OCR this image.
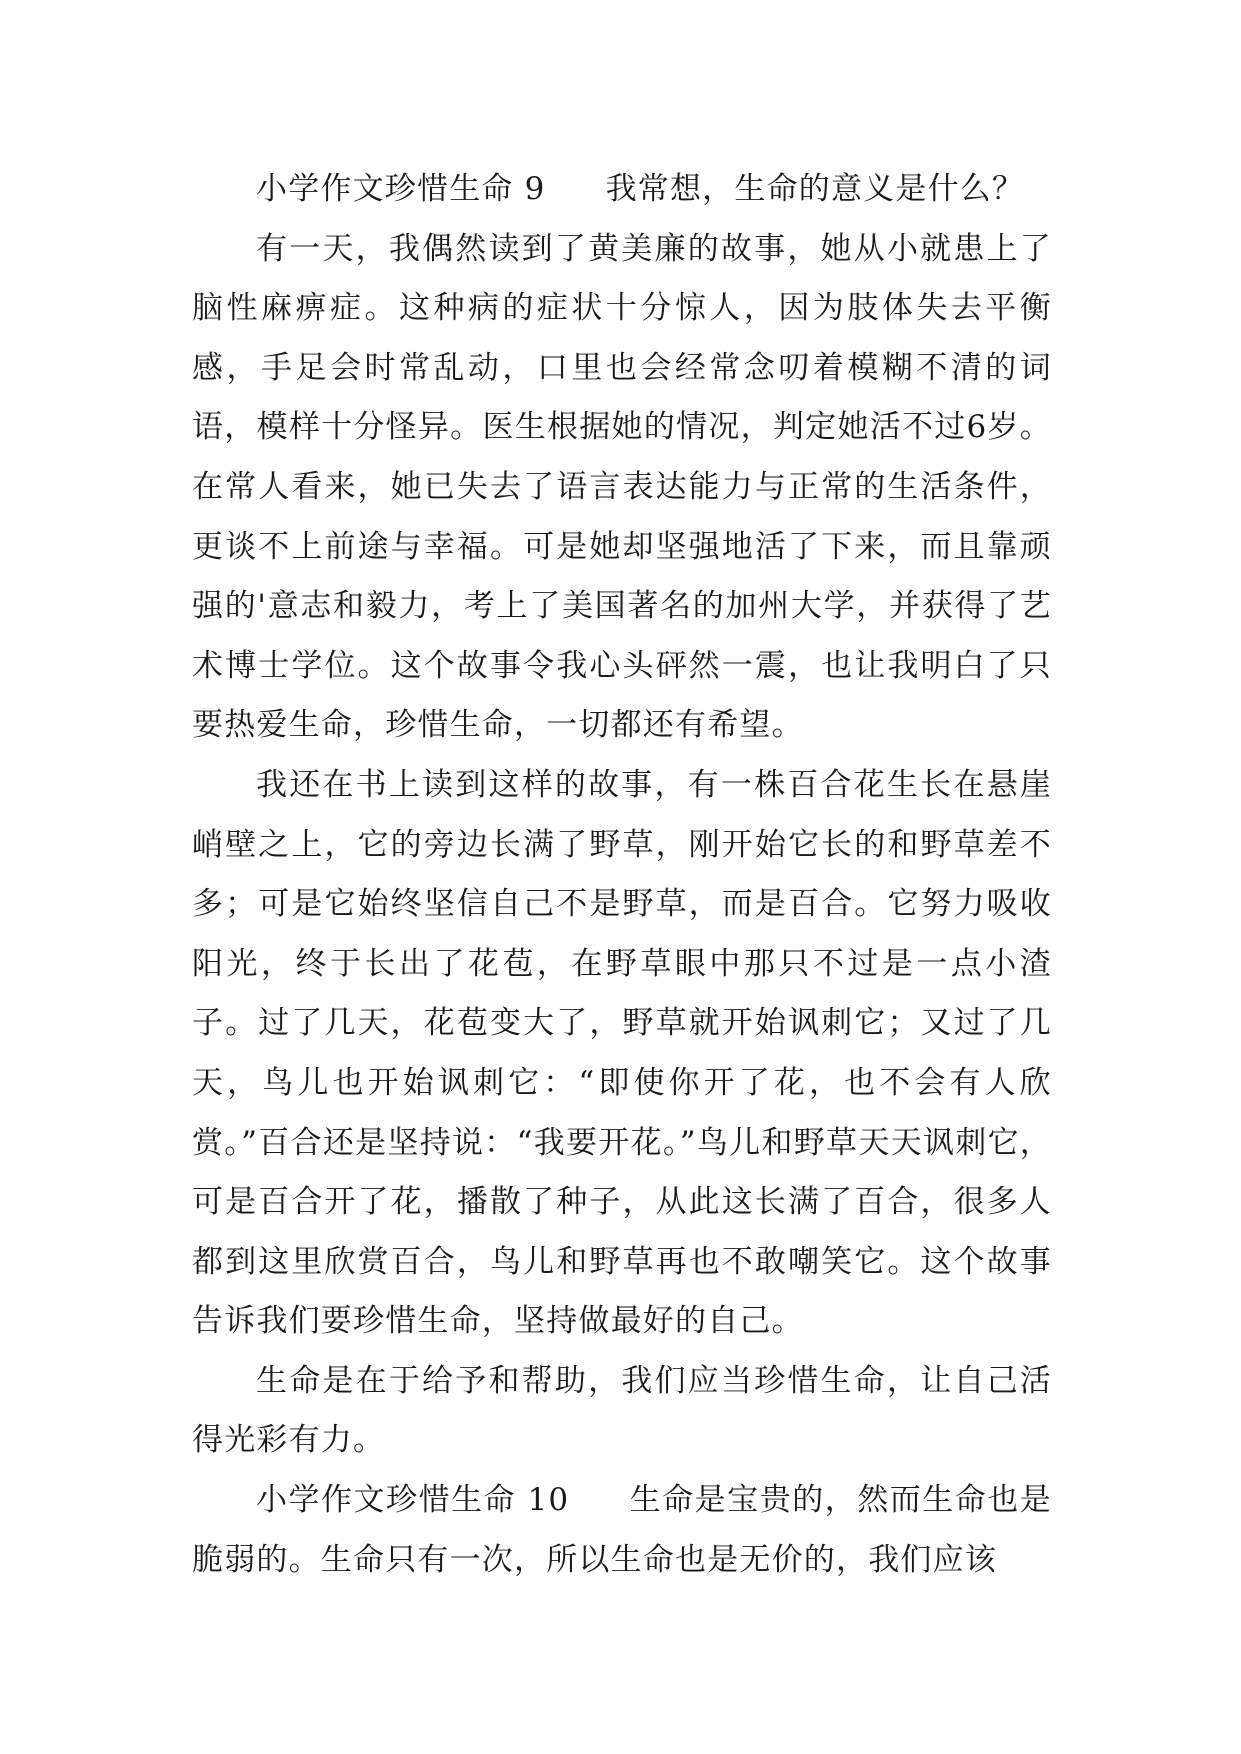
小学作文珍惜生命 9 我常想，生命的意义是什么？

有一天，我偶然读到了黄美廉的故事，她从小就患上了脑性麻痹症。这种病的症状十分惊人，因为肢体失去平衡感，手足会时常乱动，口里也会经常念叨着模糊不清的词语，模样十分怪异。医生根据她的情况，判定她活不过6岁。在常人看来，她已失去了语言表达能力与正常的生活条件，更谈不上前途与幸福。可是她却坚强地活了下来，而且靠顽强的'意志和毅力，考上了美国著名的加州大学，并获得了艺术博士学位。这个故事令我心头砰然一震，也让我明白了只要热爱生命，珍惜生命，一切都还有希望。

我还在书上读到这样的故事，有一株百合花生长在悬崖峭壁之上，它的旁边长满了野草，刚开始它长的和野草差不多；可是它始终坚信自己不是野草，而是百合。它努力吸收阳光，终于长出了花苞，在野草眼中那只不过是一点小渣子。过了几天，花苞变大了，野草就开始讽刺它；又过了几天，鸟儿也开始讽刺它：“即使你开了花，也不会有人欣赏。”百合还是坚持说：“我要开花。”鸟儿和野草天天讽刺它，可是百合开了花，播散了种子，从此这长满了百合，很多人都到这里欣赏百合，鸟儿和野草再也不敢嘲笑它。这个故事告诉我们要珍惜生命，坚持做最好的自己。

生命是在于给予和帮助，我们应当珍惜生命，让自己活得光彩有力。

小学作文珍惜生命 10 生命是宝贵的，然而生命也是脆弱的。生命只有一次，所以生命也是无价的，我们应该
